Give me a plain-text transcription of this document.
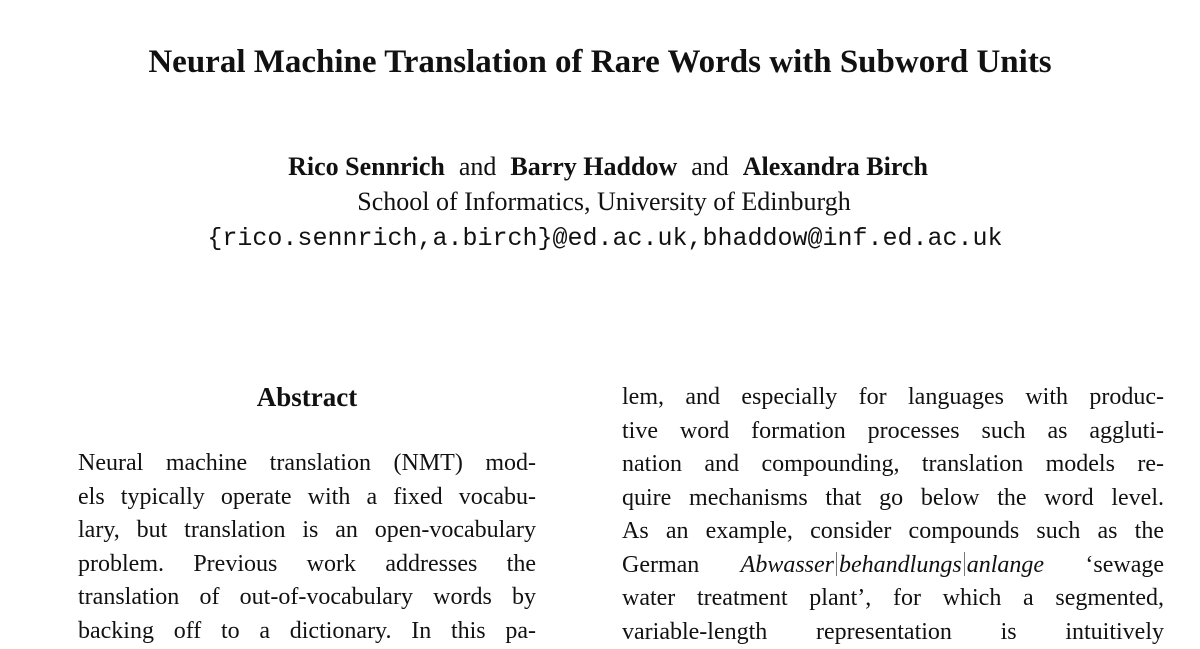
Neural Machine Translation of Rare Words with Subword Units
Rico Sennrich and Barry Haddow and Alexandra Birch
School of Informatics, University of Edinburgh
{rico.sennrich,a.birch}@ed.ac.uk,bhaddow@inf.ed.ac.uk
Abstract
Neural machine translation (NMT) mod-
els typically operate with a fixed vocabu-
lary, but translation is an open-vocabulary
problem. Previous work addresses the
translation of out-of-vocabulary words by
backing off to a dictionary. In this pa-
lem, and especially for languages with produc-
tive word formation processes such as aggluti-
nation and compounding, translation models re-
quire mechanisms that go below the word level.
As an example, consider compounds such as the
German Abwasser behandlungs anlange ‘sewage
water treatment plant’, for which a segmented,
variable-length representation is intuitively
